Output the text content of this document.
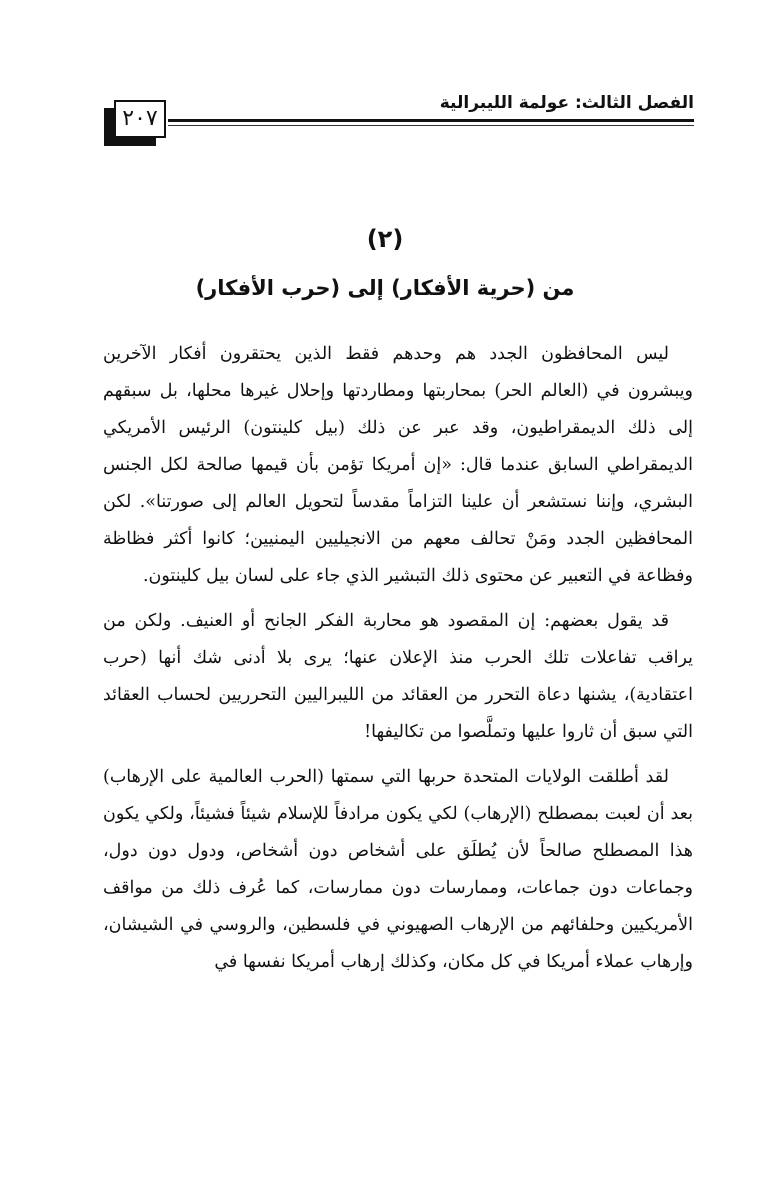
الفصل الثالث: عولمة الليبرالية
٢٠٧
(٢)
من (حرية الأفكار) إلى (حرب الأفكار)

ليس المحافظون الجدد هم وحدهم فقط الذين يحتقرون أفكار الآخرين ويبشرون في (العالم الحر) بمحاربتها ومطاردتها وإحلال غيرها محلها، بل سبقهم إلى ذلك الديمقراطيون، وقد عبر عن ذلك (بيل كلينتون) الرئيس الأمريكي الديمقراطي السابق عندما قال: «إن أمريكا تؤمن بأن قيمها صالحة لكل الجنس البشري، وإننا نستشعر أن علينا التزاماً مقدساً لتحويل العالم إلى صورتنا». لكن المحافظين الجدد ومَنْ تحالف معهم من الانجيليين اليمنيين؛ كانوا أكثر فظاظة وفظاعة في التعبير عن محتوى ذلك التبشير الذي جاء على لسان بيل كلينتون.

قد يقول بعضهم: إن المقصود هو محاربة الفكر الجانح أو العنيف. ولكن من يراقب تفاعلات تلك الحرب منذ الإعلان عنها؛ يرى بلا أدنى شك أنها (حرب اعتقادية)، يشنها دعاة التحرر من العقائد من الليبراليين التحرريين لحساب العقائد التي سبق أن ثاروا عليها وتملَّصوا من تكاليفها!

لقد أطلقت الولايات المتحدة حربها التي سمتها (الحرب العالمية على الإرهاب) بعد أن لعبت بمصطلح (الإرهاب) لكي يكون مرادفاً للإسلام شيئاً فشيئاً، ولكي يكون هذا المصطلح صالحاً لأن يُطلَق على أشخاص دون أشخاص، ودول دون دول، وجماعات دون جماعات، وممارسات دون ممارسات، كما عُرف ذلك من مواقف الأمريكيين وحلفائهم من الإرهاب الصهيوني في فلسطين، والروسي في الشيشان، وإرهاب عملاء أمريكا في كل مكان، وكذلك إرهاب أمريكا نفسها في
